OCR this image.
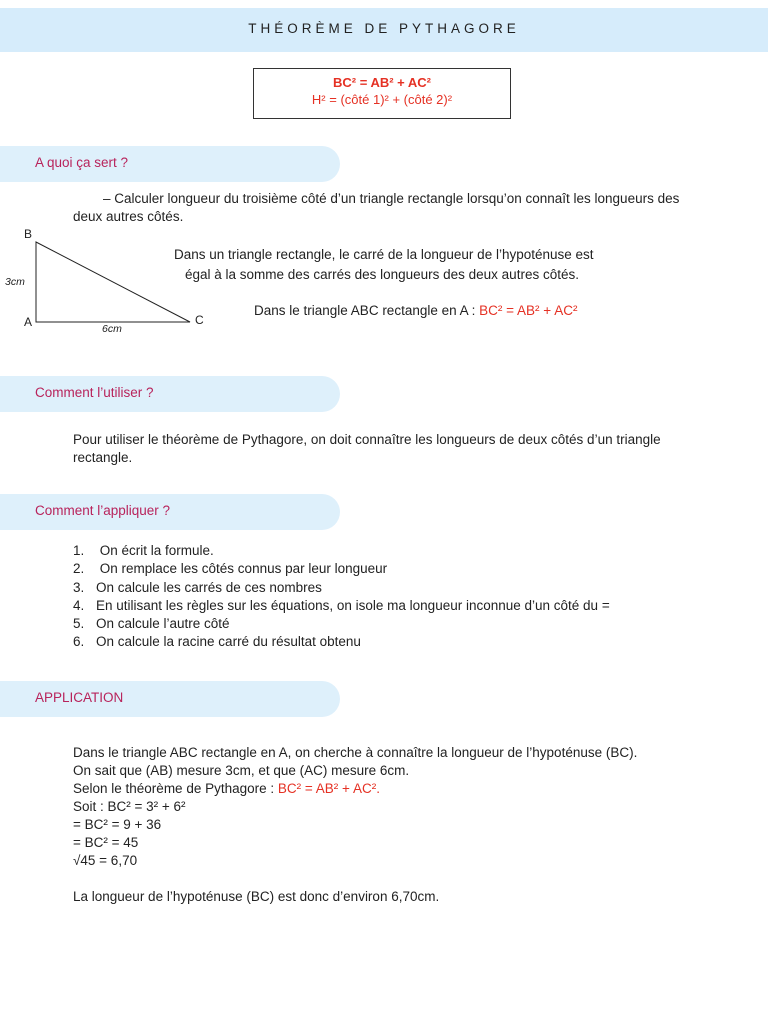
THÉORÈME DE PYTHAGORE
BC² = AB² + AC²
H² = (côté 1)² + (côté 2)²
A quoi ça sert ?
– Calculer longueur du troisième côté d’un triangle rectangle lorsqu’on connaît les longueurs des deux autres côtés.
B
A	C
3cm
6cm
Dans un triangle rectangle, le carré de la longueur de l’hypoténuse est
égal à la somme des carrés des longueurs des deux autres côtés.
Dans le triangle ABC rectangle en A : BC² = AB² + AC²
Comment l’utiliser ?
Pour utiliser le théorème de Pythagore, on doit connaître les longueurs de deux côtés d’un triangle rectangle.
Comment l’appliquer ?
1. On écrit la formule.
2. On remplace les côtés connus par leur longueur
3. On calcule les carrés de ces nombres
4. En utilisant les règles sur les équations, on isole ma longueur inconnue d’un côté du =
5. On calcule l’autre côté
6. On calcule la racine carré du résultat obtenu
APPLICATION
Dans le triangle ABC rectangle en A, on cherche à connaître la longueur de l’hypoténuse (BC).
On sait que (AB) mesure 3cm, et que (AC) mesure 6cm.
Selon le théorème de Pythagore : BC² = AB² + AC².
Soit : BC² = 3² + 6²
= BC² = 9 + 36
= BC² = 45
√45 = 6,70
La longueur de l’hypoténuse (BC) est donc d’environ 6,70cm.
